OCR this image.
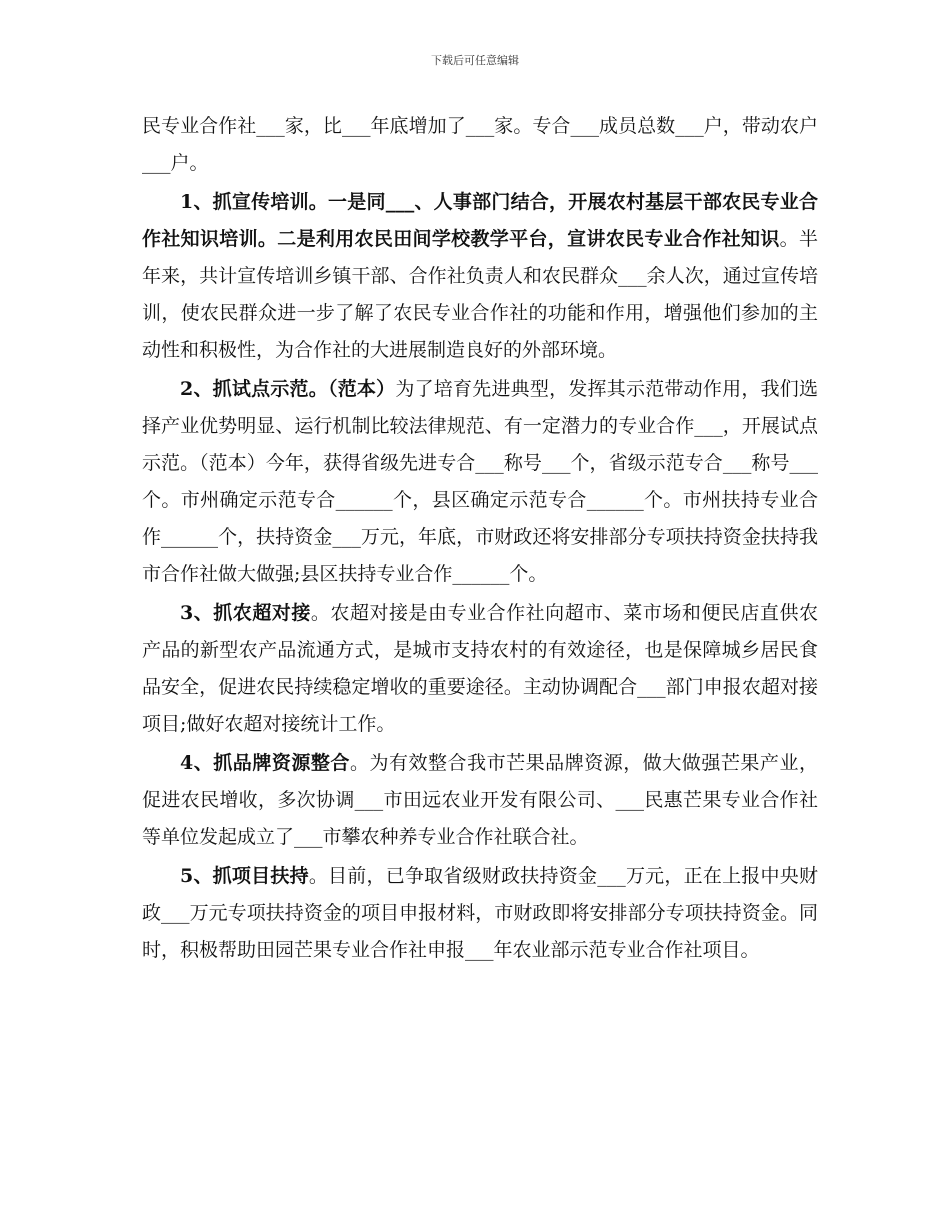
下载后可任意编辑

民专业合作社___家，比___年底增加了___家。专合___成员总数___户，带动农户___户。

1、抓宣传培训。一是同___、人事部门结合，开展农村基层干部农民专业合作社知识培训。二是利用农民田间学校教学平台，宣讲农民专业合作社知识。半年来，共计宣传培训乡镇干部、合作社负责人和农民群众___余人次，通过宣传培训，使农民群众进一步了解了农民专业合作社的功能和作用，增强他们参加的主动性和积极性，为合作社的大进展制造良好的外部环境。

2、抓试点示范。（范本）为了培育先进典型，发挥其示范带动作用，我们选择产业优势明显、运行机制比较法律规范、有一定潜力的专业合作___，开展试点示范。（范本）今年，获得省级先进专合___称号___个，省级示范专合___称号___个。市州确定示范专合______个，县区确定示范专合______个。市州扶持专业合作______个，扶持资金___万元，年底，市财政还将安排部分专项扶持资金扶持我市合作社做大做强;县区扶持专业合作______个。

3、抓农超对接。农超对接是由专业合作社向超市、菜市场和便民店直供农产品的新型农产品流通方式，是城市支持农村的有效途径，也是保障城乡居民食品安全，促进农民持续稳定增收的重要途径。主动协调配合___部门申报农超对接项目;做好农超对接统计工作。

4、抓品牌资源整合。为有效整合我市芒果品牌资源，做大做强芒果产业，促进农民增收，多次协调___市田远农业开发有限公司、___民惠芒果专业合作社等单位发起成立了___市攀农种养专业合作社联合社。

5、抓项目扶持。目前，已争取省级财政扶持资金___万元，正在上报中央财政___万元专项扶持资金的项目申报材料，市财政即将安排部分专项扶持资金。同时，积极帮助田园芒果专业合作社申报___年农业部示范专业合作社项目。
